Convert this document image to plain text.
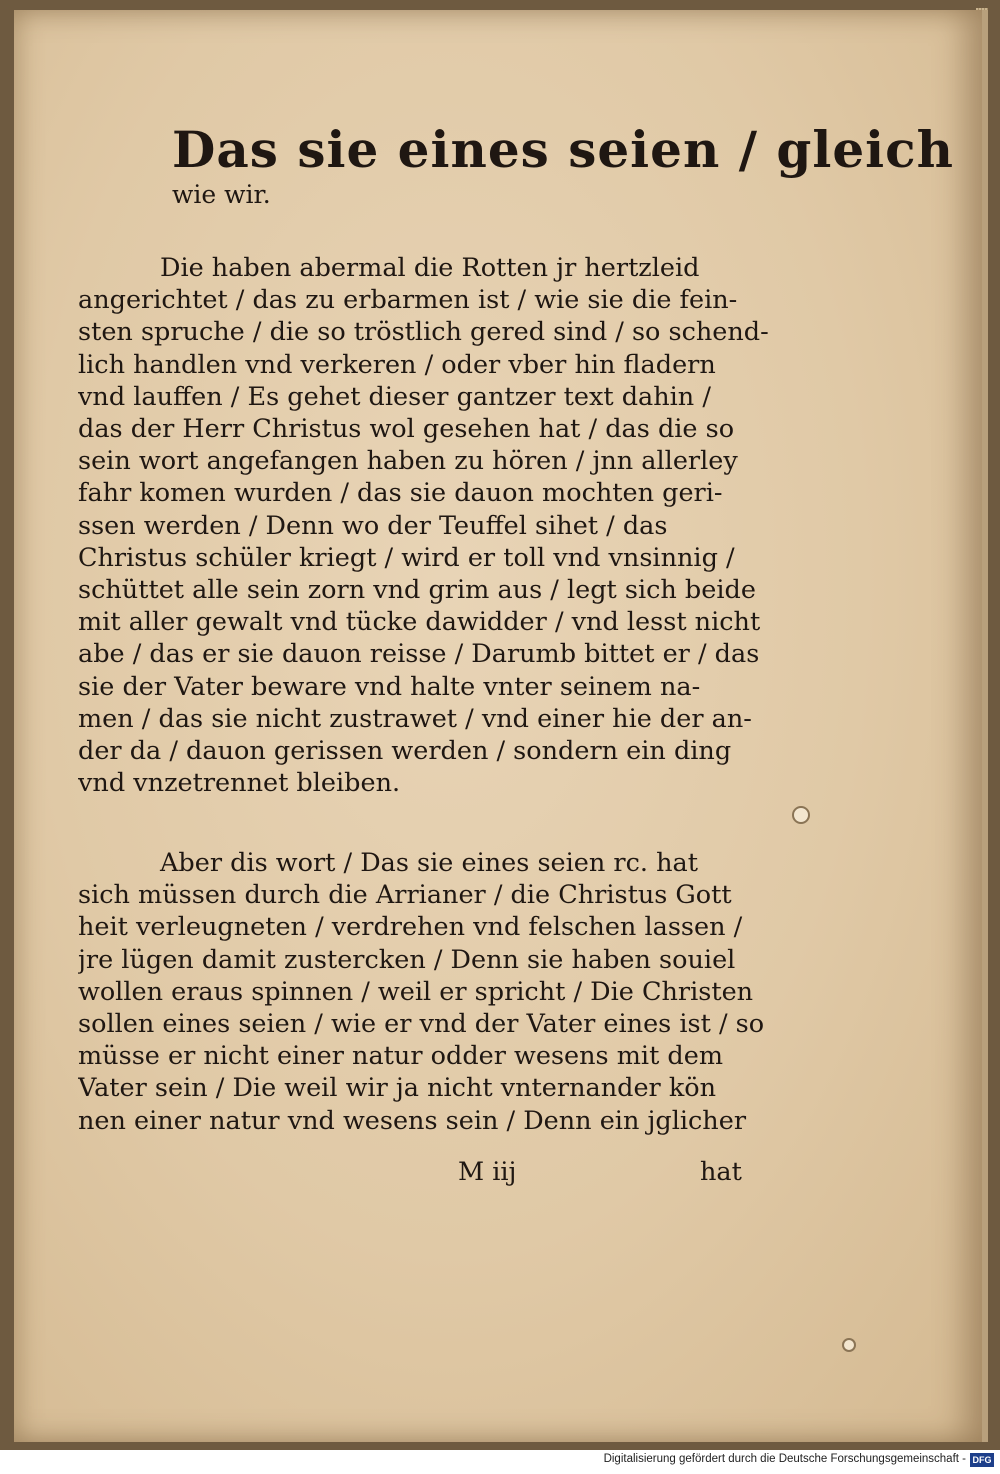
Das sie eines seien / gleich
wie wir.
Die haben abermal die Rotten jr hertzleid
angerichtet / das zu erbarmen ist / wie sie die fein-
sten spruche / die so tröstlich gered sind / so schend-
lich handlen vnd verkeren / oder vber hin fladern
vnd lauffen / Es gehet dieser gantzer text dahin /
das der Herr Christus wol gesehen hat / das die so
sein wort angefangen haben zu hören / jnn allerley
fahr komen wurden / das sie dauon mochten geri-
ssen werden / Denn wo der Teuffel sihet / das
Christus schüler kriegt / wird er toll vnd vnsinnig /
schüttet alle sein zorn vnd grim aus / legt sich beide
mit aller gewalt vnd tücke dawidder / vnd lesst nicht
abe / das er sie dauon reisse / Darumb bittet er / das
sie der Vater beware vnd halte vnter seinem na-
men / das sie nicht zustrawet / vnd einer hie der an-
der da / dauon gerissen werden / sondern ein ding
vnd vnzetrennet bleiben.
Aber dis wort / Das sie eines seien rc. hat
sich müssen durch die Arrianer / die Christus Gott
heit verleugneten / verdrehen vnd felschen lassen /
jre lügen damit zustercken / Denn sie haben souiel
wollen eraus spinnen / weil er spricht / Die Christen
sollen eines seien / wie er vnd der Vater eines ist / so
müsse er nicht einer natur odder wesens mit dem
Vater sein / Die weil wir ja nicht vnternander kön
nen einer natur vnd wesens sein / Denn ein jglicher
M iij	hat
Digitalisierung gefördert durch die Deutsche Forschungsgemeinschaft - DFG
